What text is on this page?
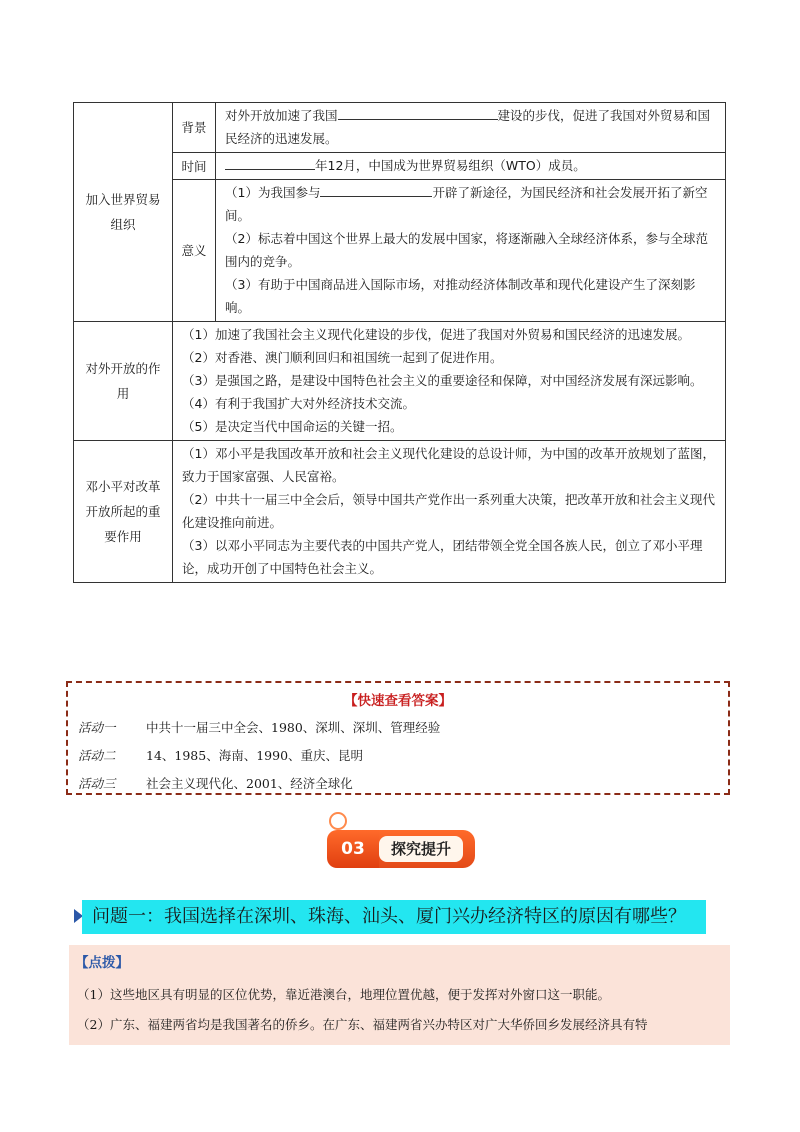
加入世界贸易组织	背景	对外开放加速了我国 建设的步伐，促进了我国对外贸易和国民经济的迅速发展。
	时间	年12月，中国成为世界贸易组织（WTO）成员。
	意义	（1）为我国参与 开辟了新途径，为国民经济和社会发展开拓了新空间。

（2）标志着中国这个世界上最大的发展中国家，将逐渐融入全球经济体系，参与全球范围内的竞争。

（3）有助于中国商品进入国际市场，对推动经济体制改革和现代化建设产生了深刻影响。

对外开放的作用	（1）加速了我国社会主义现代化建设的步伐，促进了我国对外贸易和国民经济的迅速发展。

（2）对香港、澳门顺利回归和祖国统一起到了促进作用。

（3）是强国之路，是建设中国特色社会主义的重要途径和保障，对中国经济发展有深远影响。

（4）有利于我国扩大对外经济技术交流。

（5）是决定当代中国命运的关键一招。	

邓小平对改革开放所起的重要作用	（1）邓小平是我国改革开放和社会主义现代化建设的总设计师，为中国的改革开放规划了蓝图，致力于国家富强、人民富裕。

（2）中共十一届三中全会后，领导中国共产党作出一系列重大决策，把改革开放和社会主义现代化建设推向前进。

（3）以邓小平同志为主要代表的中国共产党人，团结带领全党全国各族人民，创立了邓小平理论，成功开创了中国特色社会主义。	

【快速查看答案】
活动一 中共十一届三中全会、1980、深圳、深圳、管理经验
活动二 14、1985、海南、1990、重庆、昆明
活动三 社会主义现代化、2001、经济全球化
探究提升
03
问题一：我国选择在深圳、珠海、汕头、厦门兴办经济特区的原因有哪些？
【点拨】
（1）这些地区具有明显的区位优势，靠近港澳台，地理位置优越，便于发挥对外窗口这一职能。
（2）广东、福建两省均是我国著名的侨乡。在广东、福建两省兴办特区对广大华侨回乡发展经济具有特
